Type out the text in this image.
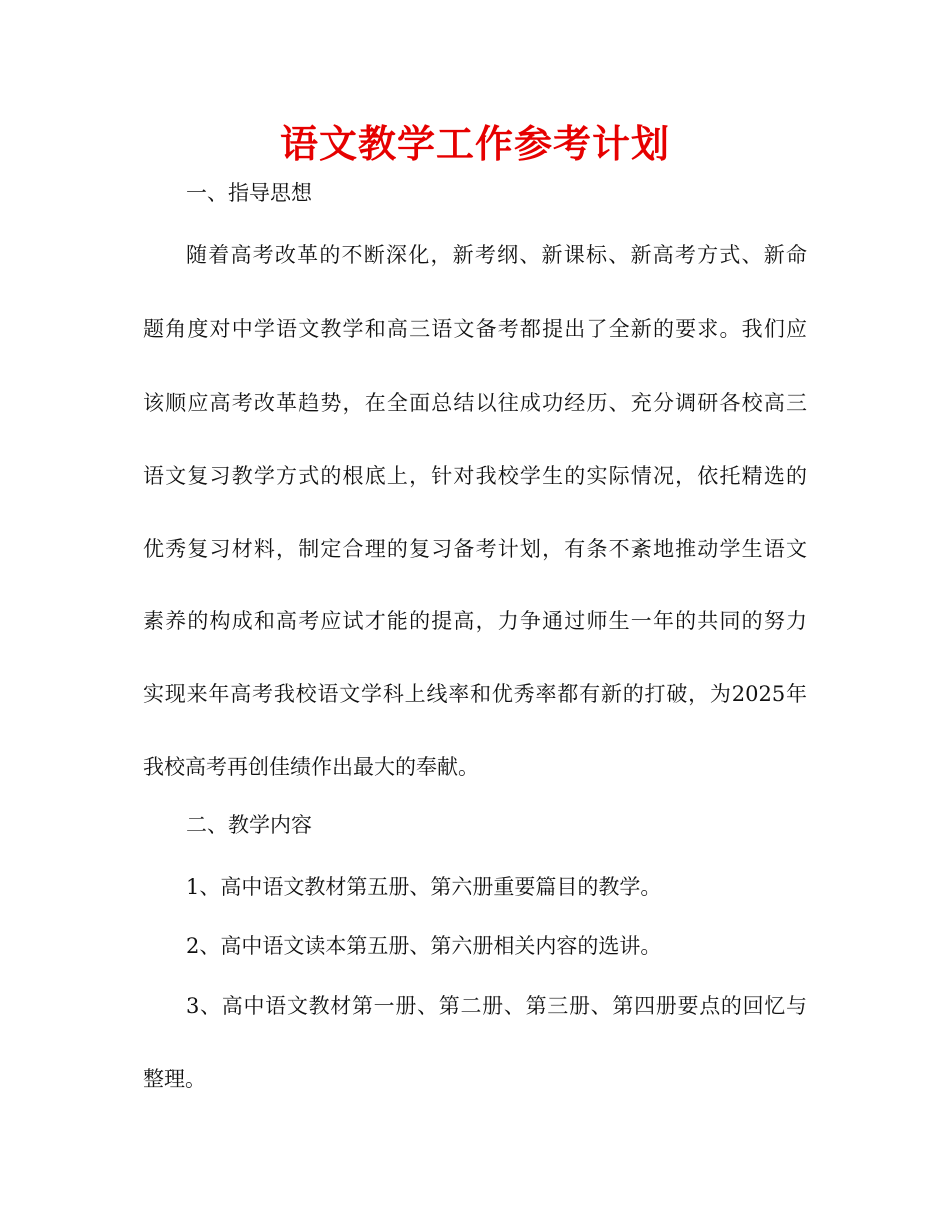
语文教学工作参考计划
一、指导思想
随着高考改革的不断深化，新考纲、新课标、新高考方式、新命
题角度对中学语文教学和高三语文备考都提出了全新的要求。我们应
该顺应高考改革趋势，在全面总结以往成功经历、充分调研各校高三
语文复习教学方式的根底上，针对我校学生的实际情况，依托精选的
优秀复习材料，制定合理的复习备考计划，有条不紊地推动学生语文
素养的构成和高考应试才能的提高，力争通过师生一年的共同的努力
实现来年高考我校语文学科上线率和优秀率都有新的打破，为2025年
我校高考再创佳绩作出最大的奉献。
二、教学内容
1、高中语文教材第五册、第六册重要篇目的教学。
2、高中语文读本第五册、第六册相关内容的选讲。
3、高中语文教材第一册、第二册、第三册、第四册要点的回忆与
整理。
